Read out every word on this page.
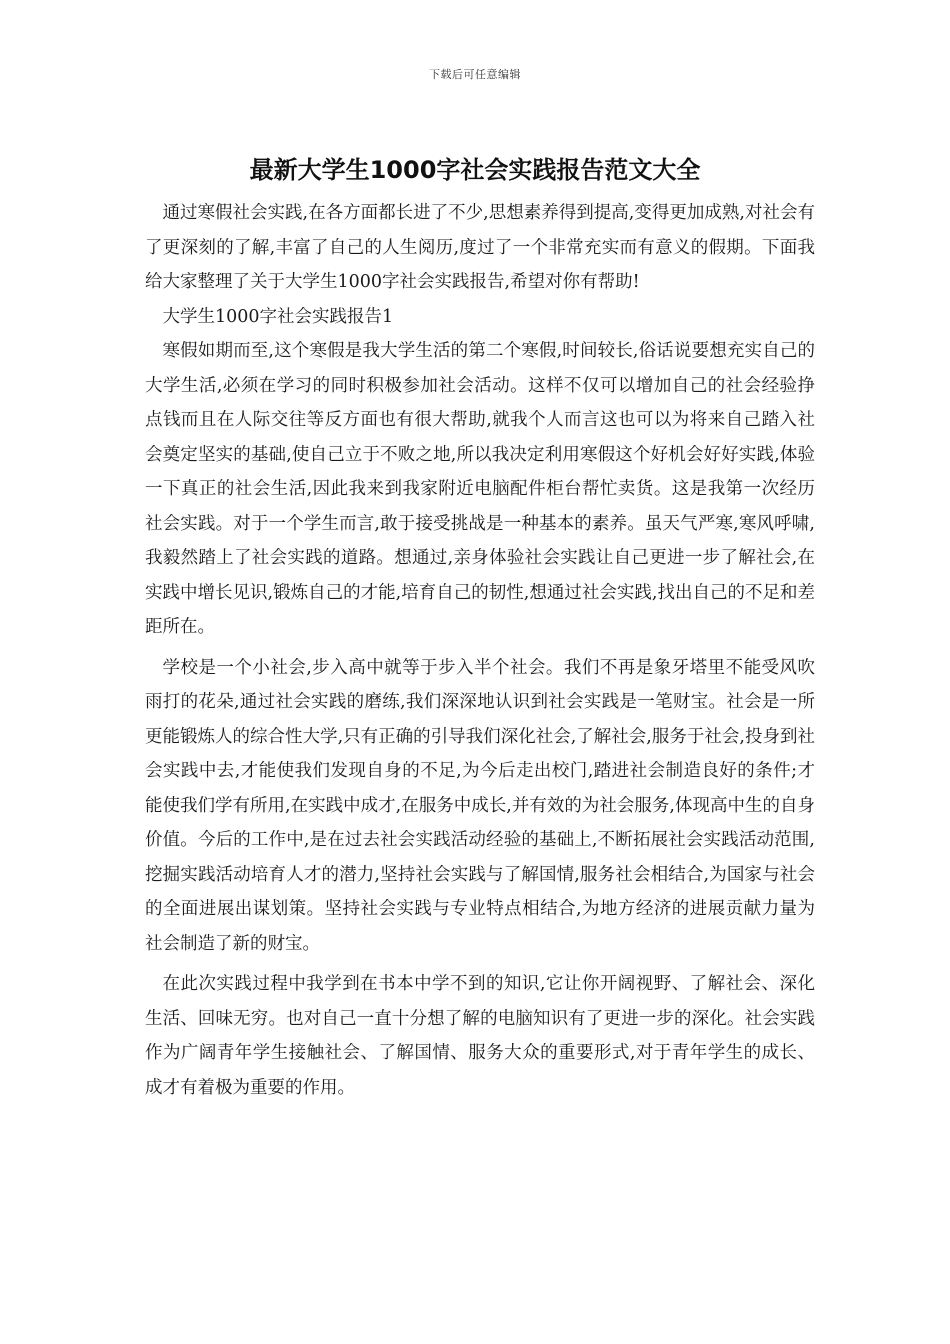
下载后可任意编辑
最新大学生1000字社会实践报告范文大全

通过寒假社会实践,在各方面都长进了不少,思想素养得到提高,变得更加成熟,对社会有了更深刻的了解,丰富了自己的人生阅历,度过了一个非常充实而有意义的假期。下面我给大家整理了关于大学生1000字社会实践报告,希望对你有帮助!

大学生1000字社会实践报告1

寒假如期而至,这个寒假是我大学生活的第二个寒假,时间较长,俗话说要想充实自己的大学生活,必须在学习的同时积极参加社会活动。这样不仅可以增加自己的社会经验挣点钱而且在人际交往等反方面也有很大帮助,就我个人而言这也可以为将来自己踏入社会奠定坚实的基础,使自己立于不败之地,所以我决定利用寒假这个好机会好好实践,体验一下真正的社会生活,因此我来到我家附近电脑配件柜台帮忙卖货。这是我第一次经历社会实践。对于一个学生而言,敢于接受挑战是一种基本的素养。虽天气严寒,寒风呼啸,我毅然踏上了社会实践的道路。想通过,亲身体验社会实践让自己更进一步了解社会,在实践中增长见识,锻炼自己的才能,培育自己的韧性,想通过社会实践,找出自己的不足和差距所在。

学校是一个小社会,步入高中就等于步入半个社会。我们不再是象牙塔里不能受风吹雨打的花朵,通过社会实践的磨练,我们深深地认识到社会实践是一笔财宝。社会是一所更能锻炼人的综合性大学,只有正确的引导我们深化社会,了解社会,服务于社会,投身到社会实践中去,才能使我们发现自身的不足,为今后走出校门,踏进社会制造良好的条件;才能使我们学有所用,在实践中成才,在服务中成长,并有效的为社会服务,体现高中生的自身价值。今后的工作中,是在过去社会实践活动经验的基础上,不断拓展社会实践活动范围,挖掘实践活动培育人才的潜力,坚持社会实践与了解国情,服务社会相结合,为国家与社会的全面进展出谋划策。坚持社会实践与专业特点相结合,为地方经济的进展贡献力量为社会制造了新的财宝。

在此次实践过程中我学到在书本中学不到的知识,它让你开阔视野、了解社会、深化生活、回味无穷。也对自己一直十分想了解的电脑知识有了更进一步的深化。社会实践作为广阔青年学生接触社会、了解国情、服务大众的重要形式,对于青年学生的成长、成才有着极为重要的作用。
